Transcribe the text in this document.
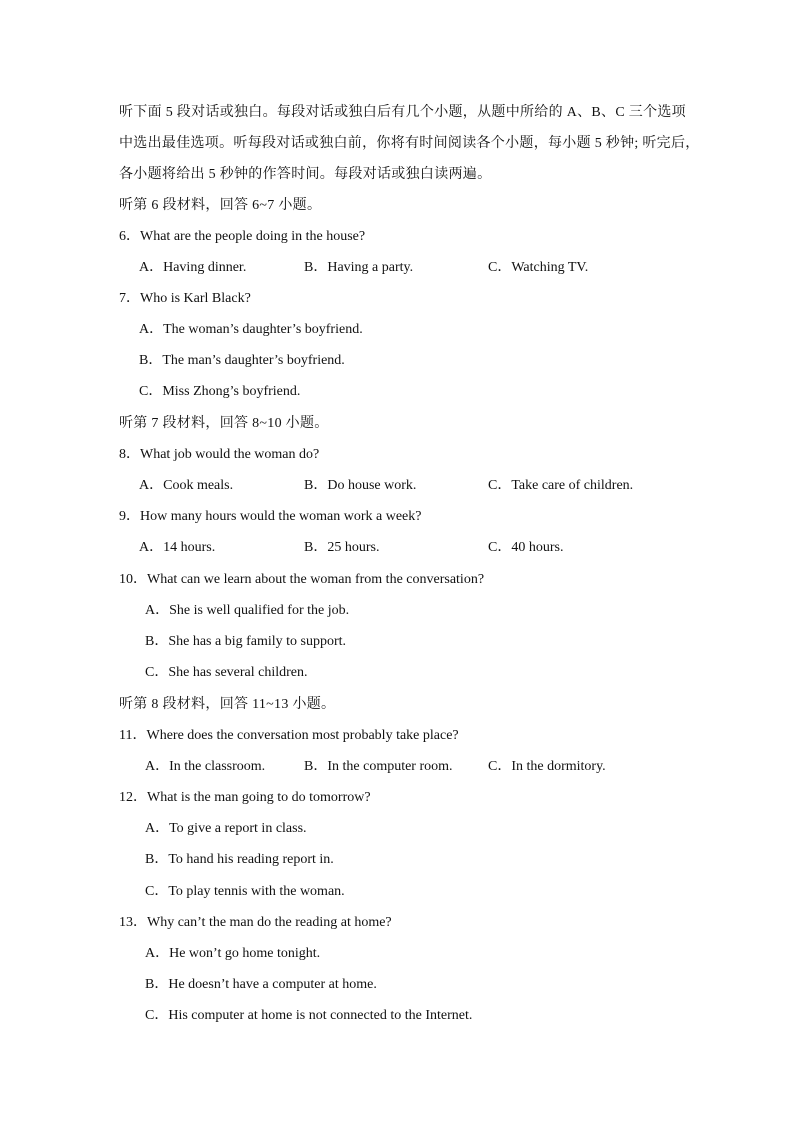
听下面 5 段对话或独白。每段对话或独白后有几个小题，从题中所给的 A、B、C 三个选项
中选出最佳选项。听每段对话或独白前，你将有时间阅读各个小题，每小题 5 秒钟; 听完后，
各小题将给出 5 秒钟的作答时间。每段对话或独白读两遍。
听第 6 段材料，回答 6~7 小题。
6．What are the people doing in the house?
A．Having dinner.	B．Having a party.	C．Watching TV.
7．Who is Karl Black?
A．The woman’s daughter’s boyfriend.
B．The man’s daughter’s boyfriend.
C．Miss Zhong’s boyfriend.
听第 7 段材料，回答 8~10 小题。
8．What job would the woman do?
A．Cook meals.	B．Do house work.	C．Take care of children.
9．How many hours would the woman work a week?
A．14 hours.	B．25 hours.	C．40 hours.
10．What can we learn about the woman from the conversation?
A．She is well qualified for the job.
B．She has a big family to support.
C．She has several children.
听第 8 段材料，回答 11~13 小题。
11．Where does the conversation most probably take place?
A．In the classroom.	B．In the computer room.	C．In the dormitory.
12．What is the man going to do tomorrow?
A．To give a report in class.
B．To hand his reading report in.
C．To play tennis with the woman.
13．Why can’t the man do the reading at home?
A．He won’t go home tonight.
B．He doesn’t have a computer at home.
C．His computer at home is not connected to the Internet.
